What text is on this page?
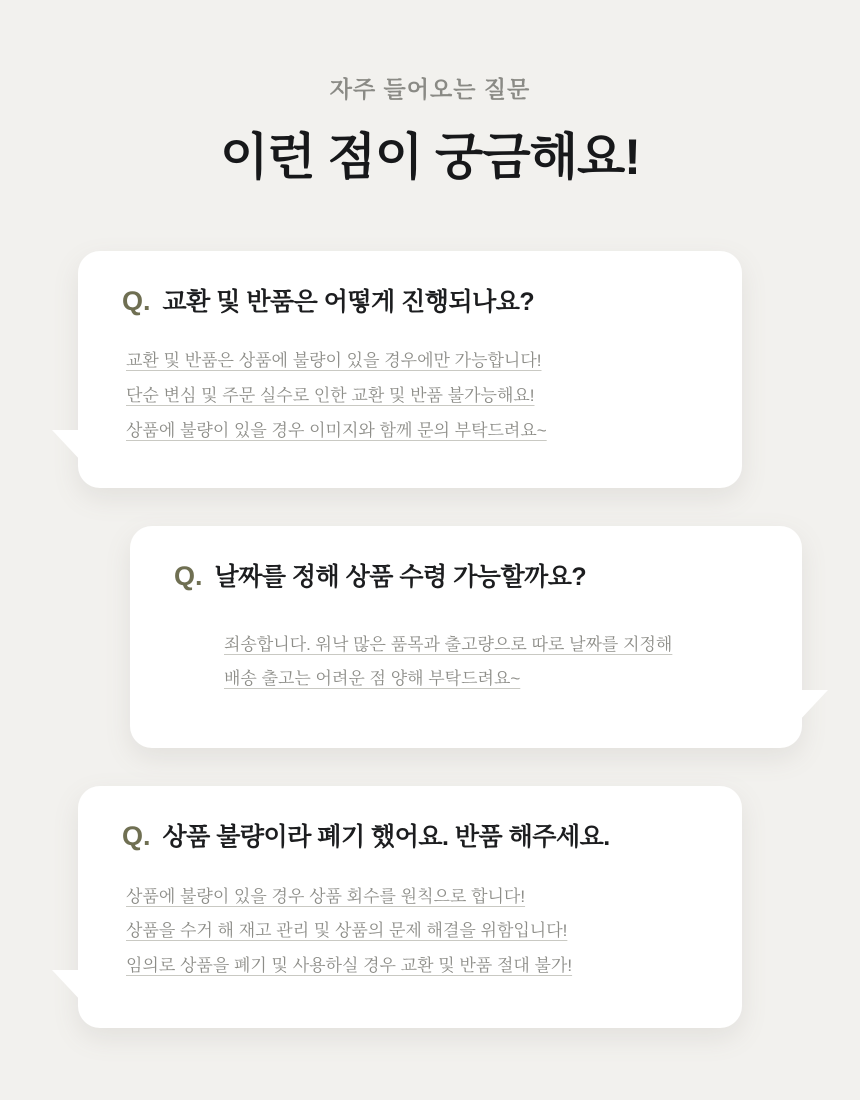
자주 들어오는 질문
이런 점이 궁금해요!
Q. 교환 및 반품은 어떻게 진행되나요?
교환 및 반품은 상품에 불량이 있을 경우에만 가능합니다!
단순 변심 및 주문 실수로 인한 교환 및 반품 불가능해요!
상품에 불량이 있을 경우 이미지와 함께 문의 부탁드려요~
Q. 날짜를 정해 상품 수령 가능할까요?
죄송합니다. 워낙 많은 품목과 출고량으로 따로 날짜를 지정해
배송 출고는 어려운 점 양해 부탁드려요~
Q. 상품 불량이라 폐기 했어요. 반품 해주세요.
상품에 불량이 있을 경우 상품 회수를 원칙으로 합니다!
상품을 수거 해 재고 관리 및 상품의 문제 해결을 위함입니다!
임의로 상품을 폐기 및 사용하실 경우 교환 및 반품 절대 불가!
